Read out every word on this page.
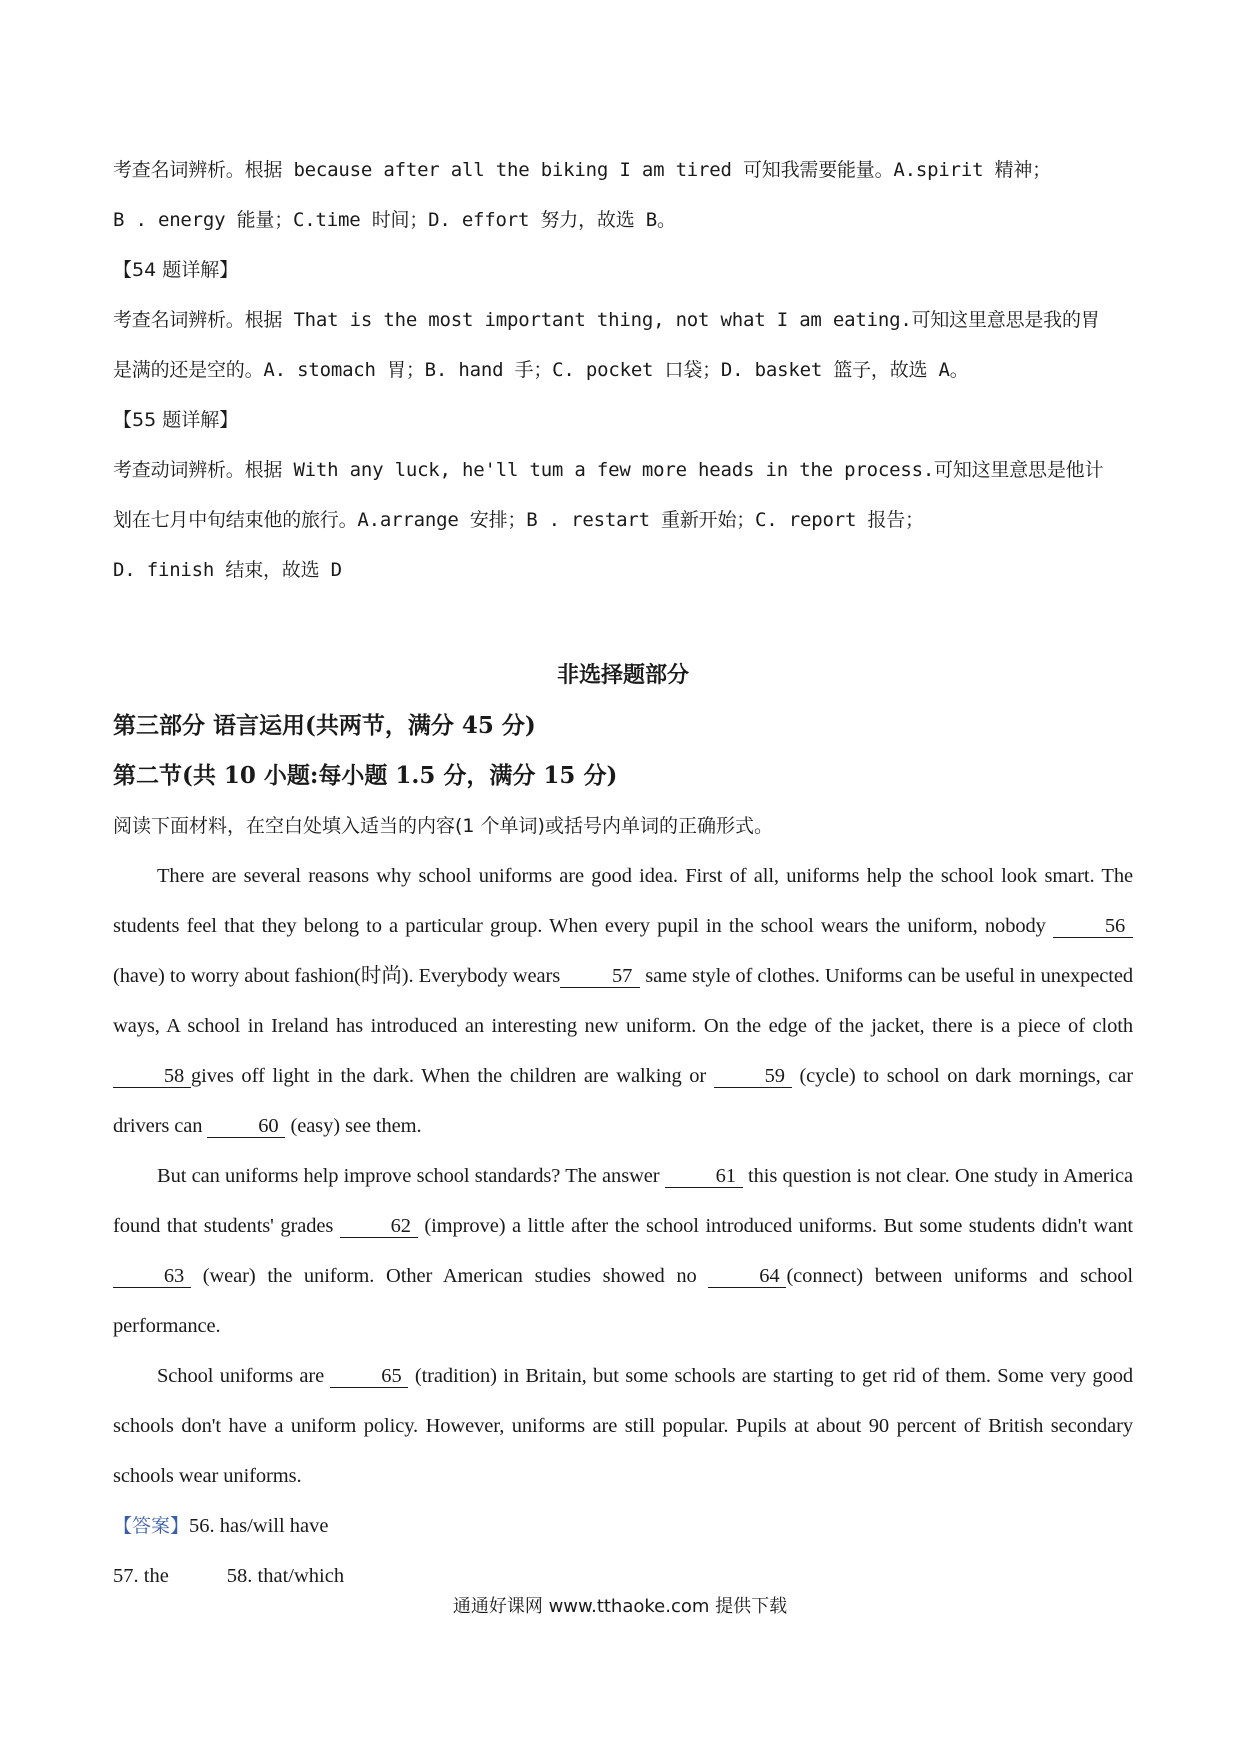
考查名词辨析。根据 because after all the biking I am tired 可知我需要能量。A.spirit 精神；
B . energy 能量；C.time 时间；D. effort 努力，故选 B。
【54 题详解】
考查名词辨析。根据 That is the most important thing, not what I am eating.可知这里意思是我的胃
是满的还是空的。A. stomach 胃；B. hand 手；C. pocket 口袋；D. basket 篮子，故选 A。
【55 题详解】
考查动词辨析。根据 With any luck, he'll tum a few more heads in the process.可知这里意思是他计
划在七月中旬结束他的旅行。A.arrange 安排；B . restart 重新开始；C. report 报告；
D. finish 结束，故选 D
非选择题部分
第三部分 语言运用(共两节，满分 45 分)
第二节(共 10 小题:每小题 1.5 分，满分 15 分)
阅读下面材料，在空白处填入适当的内容(1 个单词)或括号内单词的正确形式。

There are several reasons why school uniforms are good idea. First of all, uniforms help the school look smart. The students feel that they belong to a particular group. When every pupil in the school wears the uniform, nobody	56 (have) to worry about fashion(时尚). Everybody wears	57 same style of clothes. Uniforms can be useful in unexpected ways, A school in Ireland has introduced an interesting new uniform. On the edge of the jacket, there is a piece of cloth 58 gives off light in the dark. When the children are walking or 59 (cycle) to school on dark mornings, car drivers can 60 (easy) see them.

But can uniforms help improve school standards? The answer 61 this question is not clear. One study in America found that students' grades 62 (improve) a little after the school introduced uniforms. But some students didn't want 63 (wear) the uniform. Other American studies showed no 64 (connect) between uniforms and school performance.

School uniforms are 65 (tradition) in Britain, but some schools are starting to get rid of them. Some very good schools don't have a uniform policy. However, uniforms are still popular. Pupils at about 90 percent of British secondary schools wear uniforms.

【答案】56. has/will have
57. the	58. that/which
通通好课网 www.tthaoke.com 提供下载
